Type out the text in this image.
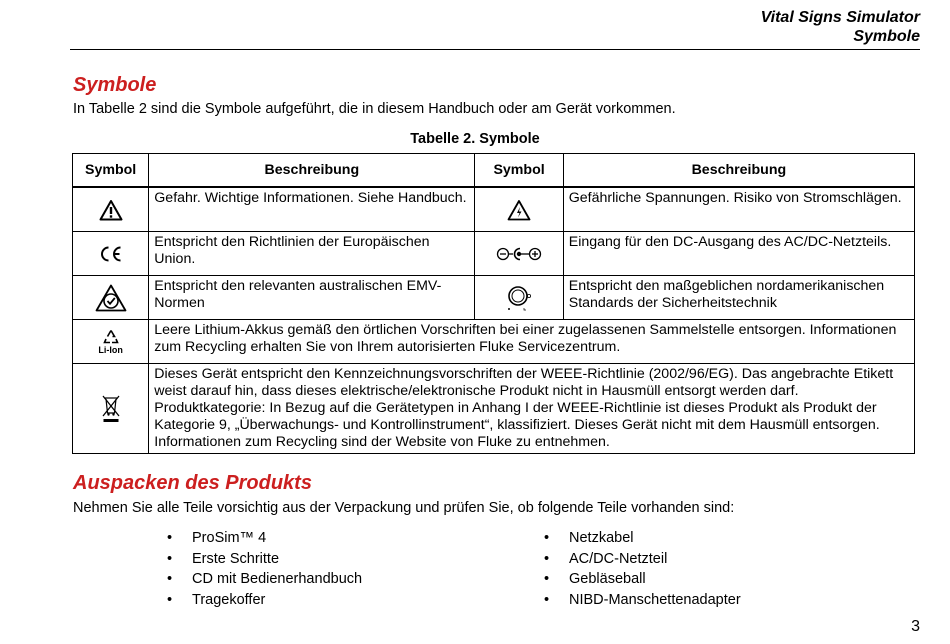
Vital Signs Simulator
Symbole
Symbole
In Tabelle 2 sind die Symbole aufgeführt, die in diesem Handbuch oder am Gerät vorkommen.
Tabelle 2. Symbole
Symbol	Beschreibung	Symbol	Beschreibung

	Gefahr. Wichtige Informationen. Siehe Handbuch.		Gefährliche Spannungen. Risiko von Stromschlägen.

	Entspricht den Richtlinien der Europäischen Union.		Eingang für den DC-Ausgang des AC/DC-Netzteils.

	Entspricht den relevanten australischen EMV-Normen		Entspricht den maßgeblichen nordamerikanischen Standards der Sicherheitstechnik

Li-Ion	Leere Lithium-Akkus gemäß den örtlichen Vorschriften bei einer zugelassenen Sammelstelle entsorgen. Informationen zum Recycling erhalten Sie von Ihrem autorisierten Fluke Servicezentrum.		

	Dieses Gerät entspricht den Kennzeichnungsvorschriften der WEEE-Richtlinie (2002/96/EG). Das angebrachte Etikett weist darauf hin, dass dieses elektrische/elektronische Produkt nicht in Hausmüll entsorgt werden darf. Produktkategorie: In Bezug auf die Gerätetypen in Anhang I der WEEE-Richtlinie ist dieses Produkt als Produkt der Kategorie 9, „Überwachungs- und Kontrollinstrument“, klassifiziert. Dieses Gerät nicht mit dem Hausmüll entsorgen. Informationen zum Recycling sind der Website von Fluke zu entnehmen.		
Auspacken des Produkts
Nehmen Sie alle Teile vorsichtig aus der Verpackung und prüfen Sie, ob folgende Teile vorhanden sind:
• ProSim™ 4
• Erste Schritte
• CD mit Bedienerhandbuch
• Tragekoffer
• Netzkabel
• AC/DC-Netzteil
• Gebläseball
• NIBD-Manschettenadapter
3
